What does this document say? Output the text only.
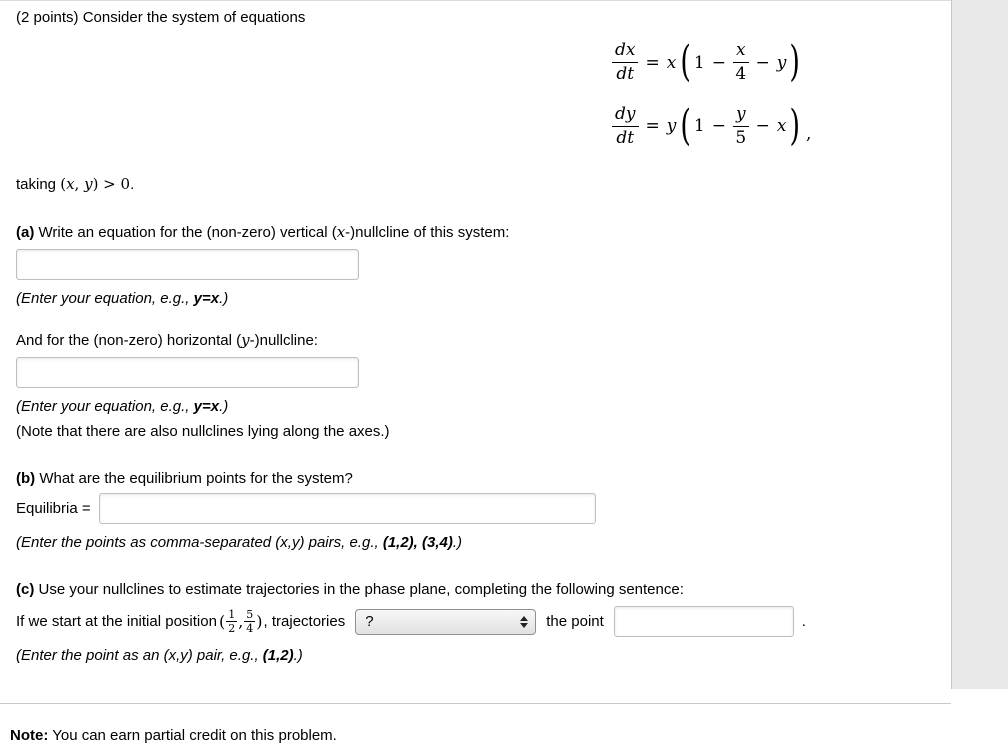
(2 points) Consider the system of equations

$\frac{dx}{dt} = x$ ( $1 - \frac{x}{4} - y$ )
$\frac{dy}{dt} = y$ ( $1 - \frac{y}{5} - x$ ) ,

taking (x, y) > 0.

(a) Write an equation for the (non-zero) vertical (x-)nullcline of this system:

(Enter your equation, e.g., y=x.)

And for the (non-zero) horizontal (y-)nullcline:

(Enter your equation, e.g., y=x.)

(Note that there are also nullclines lying along the axes.)

(b) What are the equilibrium points for the system?

Equilibria =

(Enter the points as comma-separated (x,y) pairs, e.g., (1,2), (3,4).)

(c) Use your nullclines to estimate trajectories in the phase plane, completing the following sentence:

If we start at the initial position ( $\frac{1}{2}$ , $\frac{5}{4}$ ) , trajectories ?	the point	.

(Enter the point as an (x,y) pair, e.g., (1,2).)

Note: You can earn partial credit on this problem.
